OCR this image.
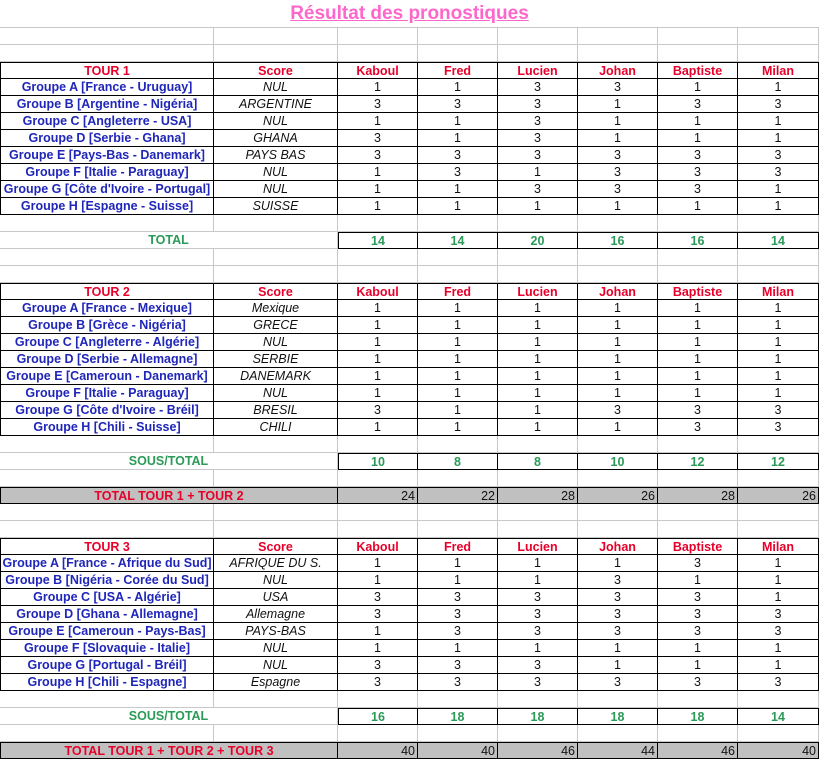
Résultat des pronostiques
TOUR 1	Score	Kaboul	Fred	Lucien	Johan	Baptiste	Milan
Groupe A [France - Uruguay]	NUL	1	1	3	3	1	1
Groupe B [Argentine - Nigéria]	ARGENTINE	3	3	3	1	3	3
Groupe C [Angleterre - USA]	NUL	1	1	3	1	1	1
Groupe D [Serbie - Ghana]	GHANA	3	1	3	1	1	1
Groupe E [Pays-Bas - Danemark]	PAYS BAS	3	3	3	3	3	3
Groupe F [Italie - Paraguay]	NUL	1	3	1	3	3	3
Groupe G [Côte d'Ivoire - Portugal]	NUL	1	1	3	3	3	1
Groupe H [Espagne - Suisse]	SUISSE	1	1	1	1	1	1
TOTAL	14	14	20	16	16	14
TOUR 2	Score	Kaboul	Fred	Lucien	Johan	Baptiste	Milan
Groupe A [France - Mexique]	Mexique	1	1	1	1	1	1
Groupe B [Grèce - Nigéria]	GRECE	1	1	1	1	1	1
Groupe C [Angleterre - Algérie]	NUL	1	1	1	1	1	1
Groupe D [Serbie - Allemagne]	SERBIE	1	1	1	1	1	1
Groupe E [Cameroun - Danemark]	DANEMARK	1	1	1	1	1	1
Groupe F [Italie - Paraguay]	NUL	1	1	1	1	1	1
Groupe G [Côte d'Ivoire - Bréil]	BRESIL	3	1	1	3	3	3
Groupe H [Chili - Suisse]	CHILI	1	1	1	1	3	3
SOUS/TOTAL	10	8	8	10	12	12
TOTAL TOUR 1 + TOUR 2	24	22	28	26	28	26
TOUR 3	Score	Kaboul	Fred	Lucien	Johan	Baptiste	Milan
Groupe A [France - Afrique du Sud]	AFRIQUE DU S.	1	1	1	1	3	1
Groupe B [Nigéria - Corée du Sud]	NUL	1	1	1	3	1	1
Groupe C [USA - Algérie]	USA	3	3	3	3	3	1
Groupe D [Ghana - Allemagne]	Allemagne	3	3	3	3	3	3
Groupe E [Cameroun - Pays-Bas]	PAYS-BAS	1	3	3	3	3	3
Groupe F [Slovaquie - Italie]	NUL	1	1	1	1	1	1
Groupe G [Portugal - Bréil]	NUL	3	3	3	1	1	1
Groupe H [Chili - Espagne]	Espagne	3	3	3	3	3	3
SOUS/TOTAL	16	18	18	18	18	14
TOTAL TOUR 1 + TOUR 2 + TOUR 3	40	40	46	44	46	40
